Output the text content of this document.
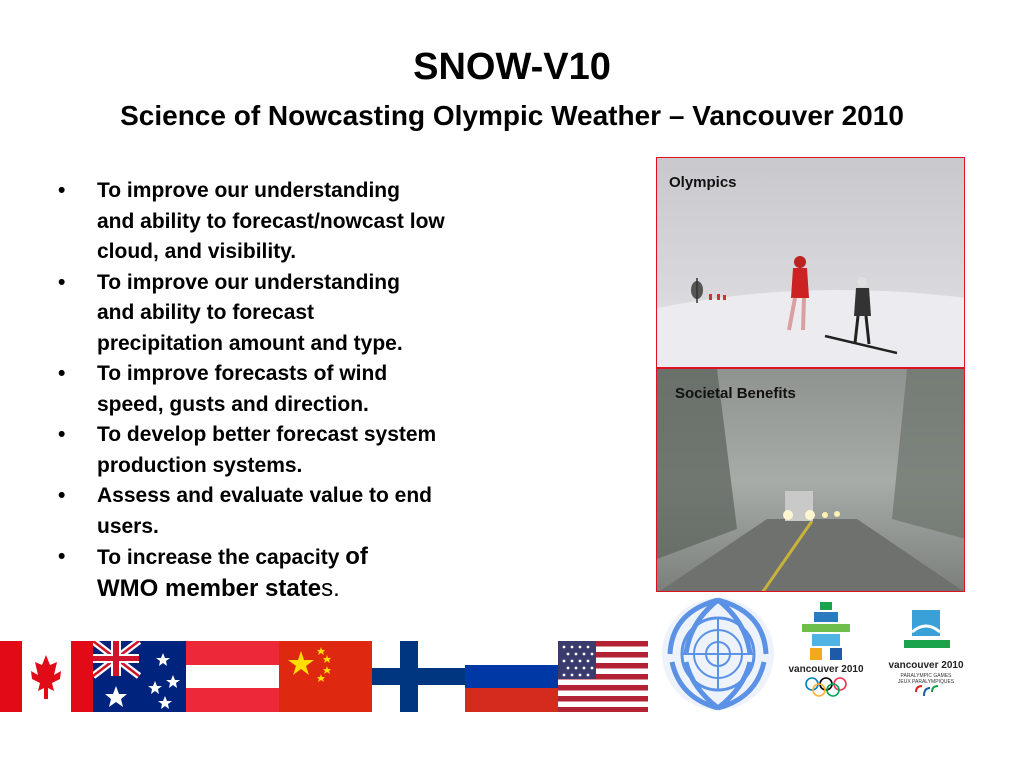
SNOW-V10
Science of Nowcasting Olympic Weather – Vancouver 2010
• To improve our understanding
and ability to forecast/nowcast low
cloud, and visibility.
• To improve our understanding
and ability to forecast
precipitation amount and type.
• To improve forecasts of wind
speed, gusts and direction.
• To develop better forecast system
production systems.
• Assess and evaluate value to end
users.
• To increase the capacity of
WMO member states.
Olympics
Societal Benefits
vancouver 2010 vancouver 2010
PARALYMPIC GAMES
JEUX PARALYMPIQUES
